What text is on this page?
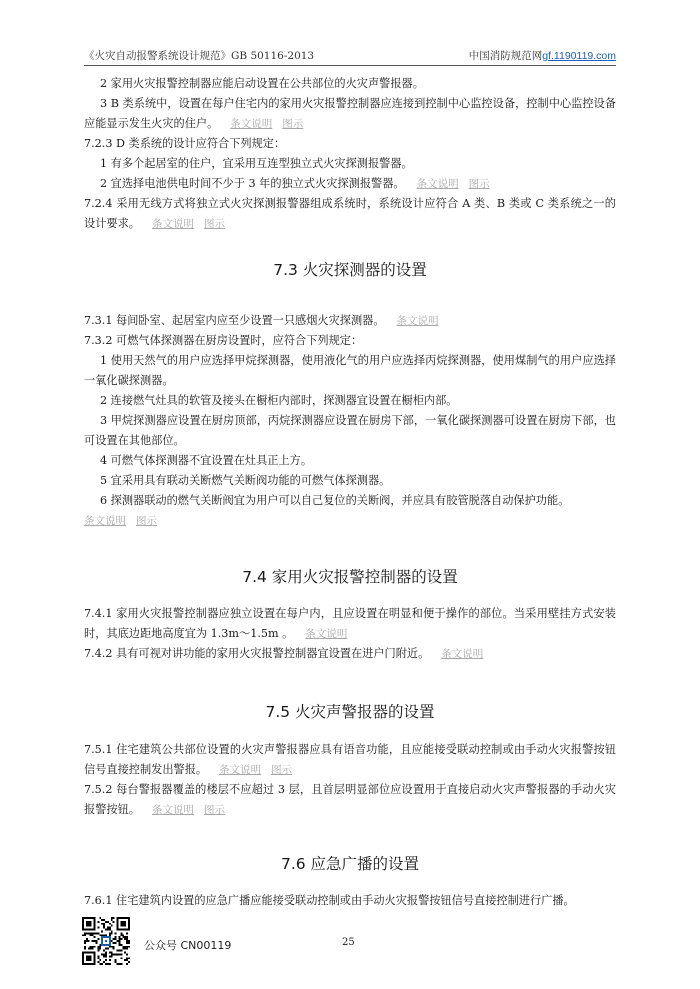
《火灾自动报警系统设计规范》GB 50116-2013	中国消防规范网gf.1190119.com

2 家用火灾报警控制器应能启动设置在公共部位的火灾声警报器。

3 B 类系统中，设置在每户住宅内的家用火灾报警控制器应连接到控制中心监控设备，控制中心监控设备应能显示发生火灾的住户。 条文说明 图示

7.2.3 D 类系统的设计应符合下列规定：

1 有多个起居室的住户，宜采用互连型独立式火灾探测报警器。

2 宜选择电池供电时间不少于 3 年的独立式火灾探测报警器。 条文说明 图示

7.2.4 采用无线方式将独立式火灾探测报警器组成系统时，系统设计应符合 A 类、B 类或 C 类系统之一的设计要求。 条文说明 图示

7.3 火灾探测器的设置

7.3.1 每间卧室、起居室内应至少设置一只感烟火灾探测器。 条文说明

7.3.2 可燃气体探测器在厨房设置时，应符合下列规定：

1 使用天然气的用户应选择甲烷探测器，使用液化气的用户应选择丙烷探测器，使用煤制气的用户应选择一氧化碳探测器。

2 连接燃气灶具的软管及接头在橱柜内部时，探测器宜设置在橱柜内部。

3 甲烷探测器应设置在厨房顶部，丙烷探测器应设置在厨房下部，一氧化碳探测器可设置在厨房下部，也可设置在其他部位。

4 可燃气体探测器不宜设置在灶具正上方。

5 宜采用具有联动关断燃气关断阀功能的可燃气体探测器。

6 探测器联动的燃气关断阀宜为用户可以自己复位的关断阀，并应具有胶管脱落自动保护功能。

条文说明 图示

7.4 家用火灾报警控制器的设置

7.4.1 家用火灾报警控制器应独立设置在每户内，且应设置在明显和便于操作的部位。当采用壁挂方式安装时，其底边距地高度宜为 1.3m～1.5m 。 条文说明

7.4.2 具有可视对讲功能的家用火灾报警控制器宜设置在进户门附近。 条文说明

7.5 火灾声警报器的设置

7.5.1 住宅建筑公共部位设置的火灾声警报器应具有语音功能，且应能接受联动控制或由手动火灾报警按钮信号直接控制发出警报。 条文说明 图示

7.5.2 每台警报器覆盖的楼层不应超过 3 层，且首层明显部位应设置用于直接启动火灾声警报器的手动火灾报警按钮。 条文说明 图示

7.6 应急广播的设置

7.6.1 住宅建筑内设置的应急广播应能接受联动控制或由手动火灾报警按钮信号直接控制进行广播。

公众号 CN00119	25
